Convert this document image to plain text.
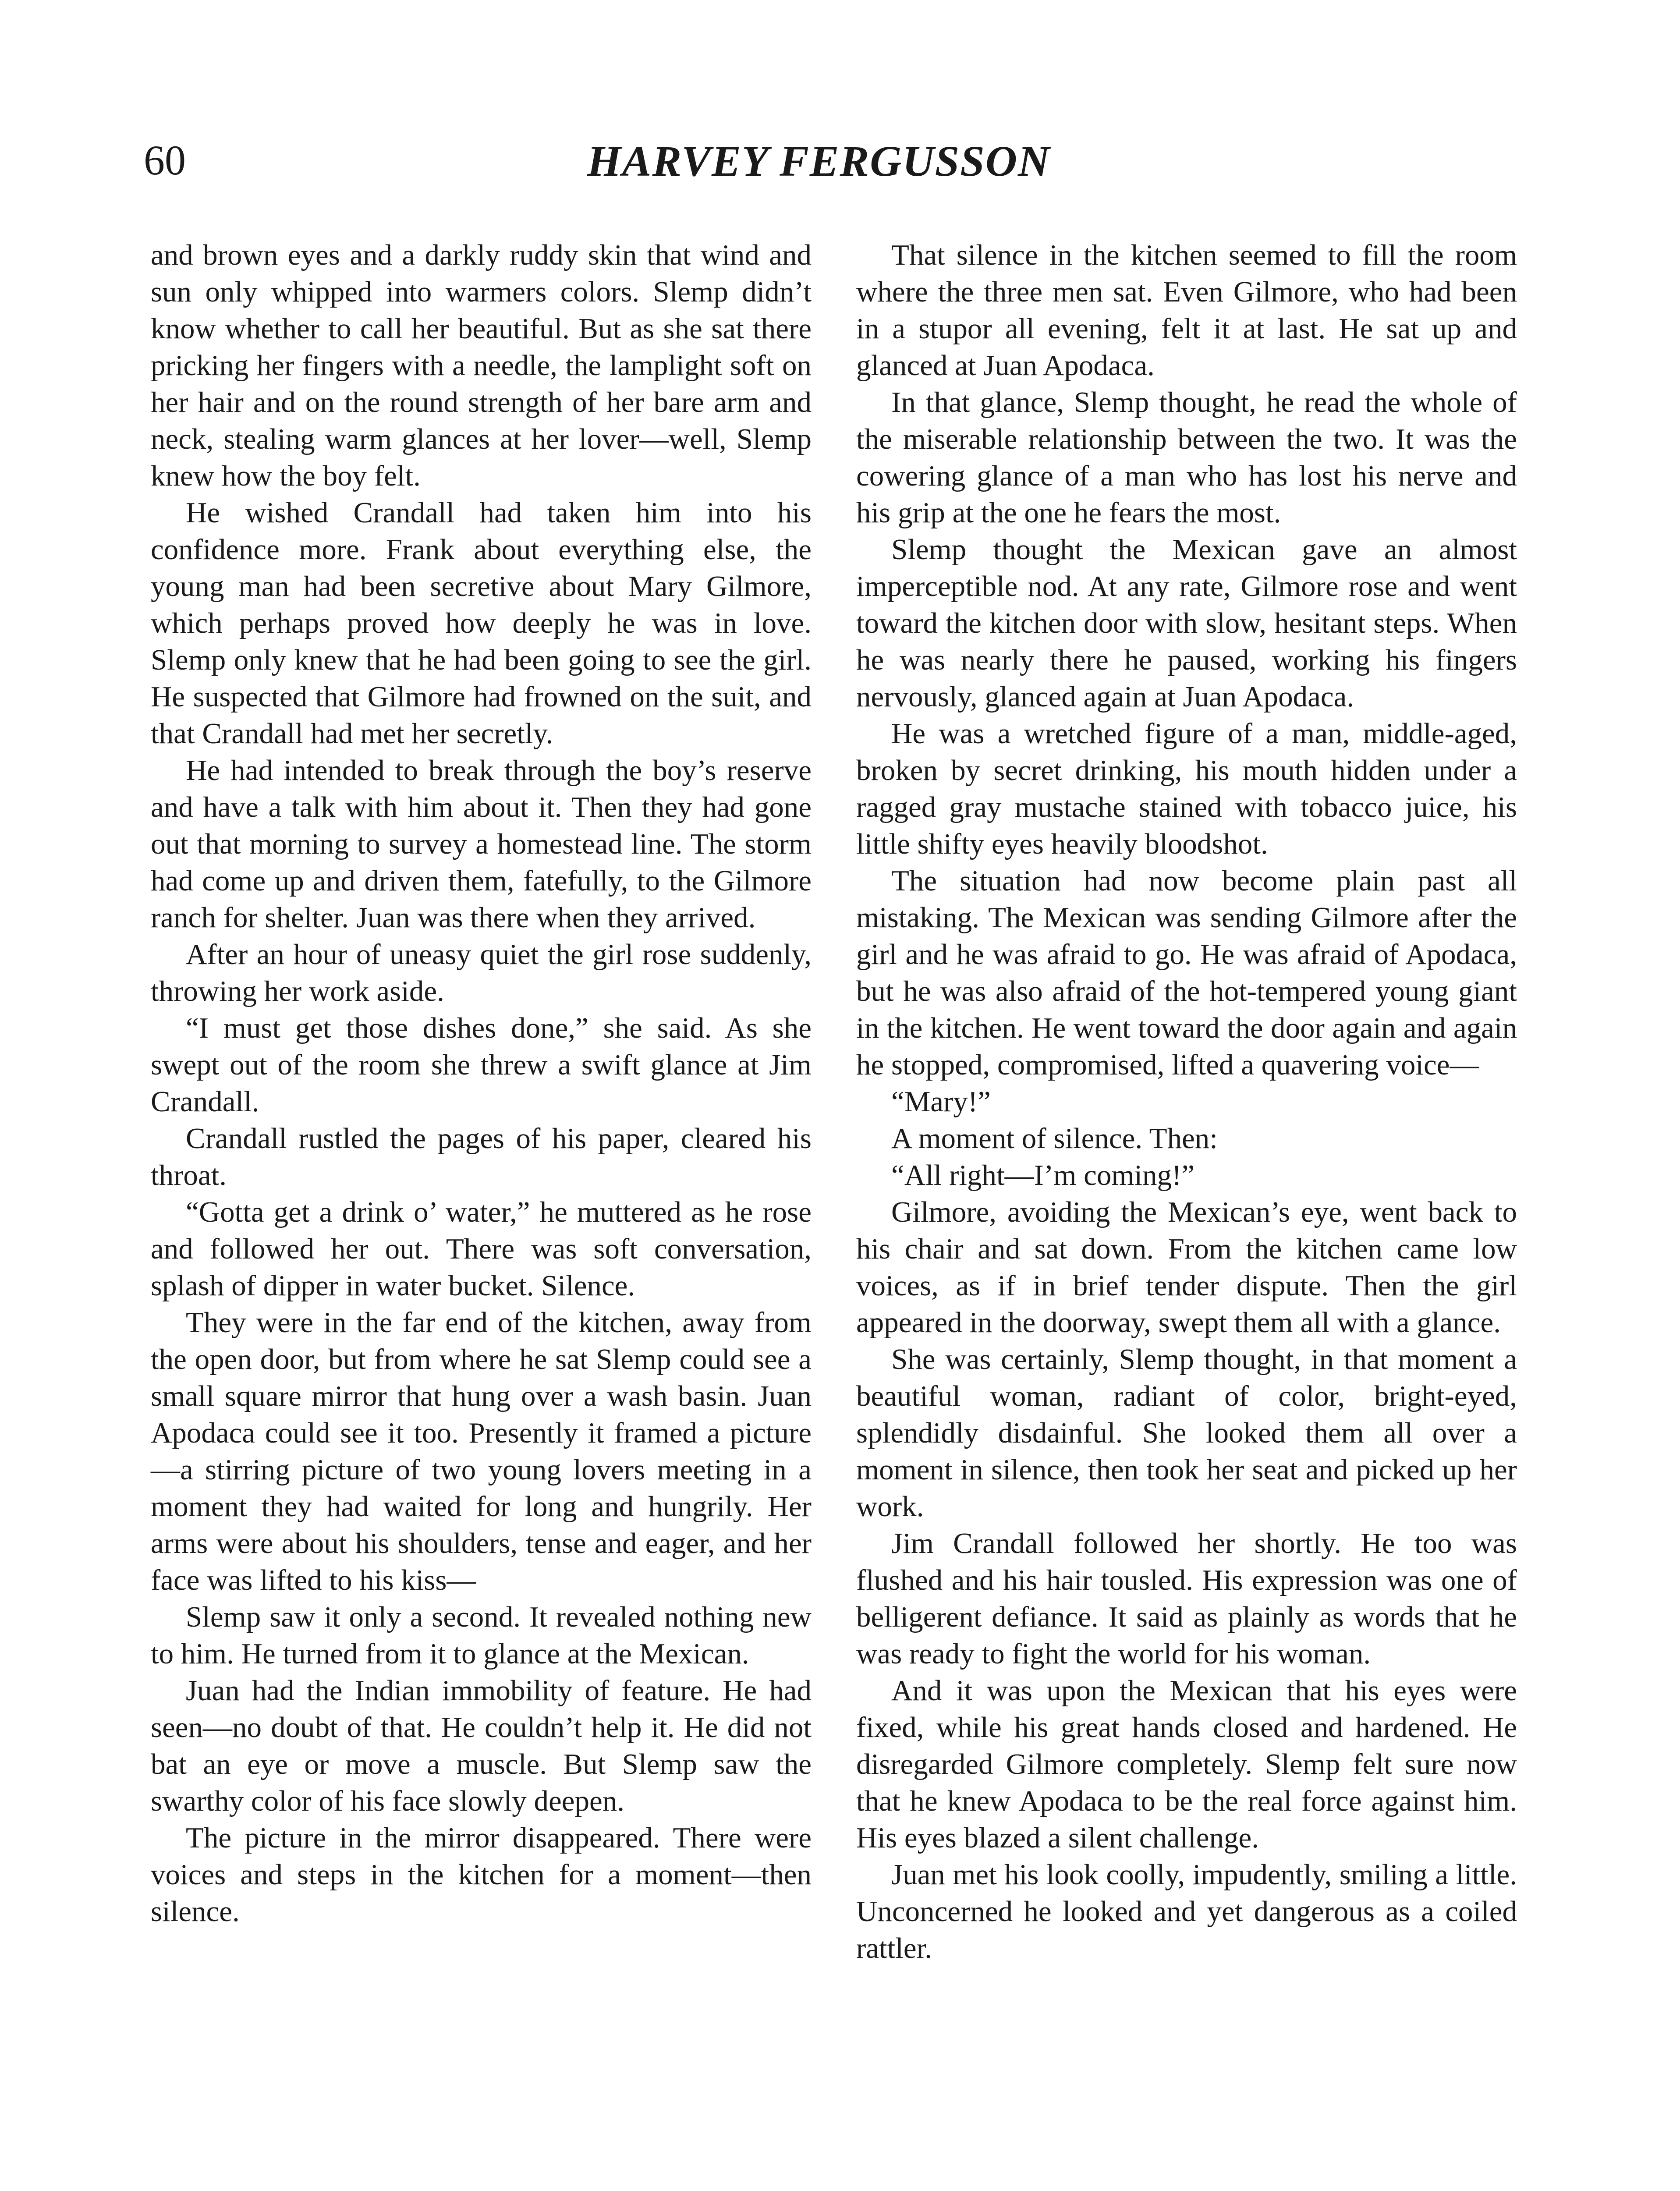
60	HARVEY FERGUSSON

and brown eyes and a darkly ruddy skin that wind and sun only whipped into warmers colors. Slemp didn’t know whether to call her beautiful. But as she sat there pricking her fingers with a needle, the lamplight soft on her hair and on the round strength of her bare arm and neck, stealing warm glances at her lover—well, Slemp knew how the boy felt.

He wished Crandall had taken him into his confidence more. Frank about everything else, the young man had been secretive about Mary Gilmore, which perhaps proved how deeply he was in love. Slemp only knew that he had been going to see the girl. He suspected that Gilmore had frowned on the suit, and that Crandall had met her secretly.

He had intended to break through the boy’s reserve and have a talk with him about it. Then they had gone out that morning to survey a homestead line. The storm had come up and driven them, fatefully, to the Gilmore ranch for shelter. Juan was there when they arrived.

After an hour of uneasy quiet the girl rose suddenly, throwing her work aside.

“I must get those dishes done,” she said. As she swept out of the room she threw a swift glance at Jim Crandall.

Crandall rustled the pages of his paper, cleared his throat.

“Gotta get a drink o’ water,” he muttered as he rose and followed her out. There was soft conversation, splash of dipper in water bucket. Silence.

They were in the far end of the kitchen, away from the open door, but from where he sat Slemp could see a small square mirror that hung over a wash basin. Juan Apodaca could see it too. Presently it framed a picture—a stirring picture of two young lovers meeting in a moment they had waited for long and hungrily. Her arms were about his shoulders, tense and eager, and her face was lifted to his kiss—

Slemp saw it only a second. It revealed nothing new to him. He turned from it to glance at the Mexican.

Juan had the Indian immobility of feature. He had seen—no doubt of that. He couldn’t help it. He did not bat an eye or move a muscle. But Slemp saw the swarthy color of his face slowly deepen.

The picture in the mirror disappeared. There were voices and steps in the kitchen for a moment—then silence.

That silence in the kitchen seemed to fill the room where the three men sat. Even Gilmore, who had been in a stupor all evening, felt it at last. He sat up and glanced at Juan Apodaca.

In that glance, Slemp thought, he read the whole of the miserable relationship between the two. It was the cowering glance of a man who has lost his nerve and his grip at the one he fears the most.

Slemp thought the Mexican gave an almost imperceptible nod. At any rate, Gilmore rose and went toward the kitchen door with slow, hesitant steps. When he was nearly there he paused, working his fingers nervously, glanced again at Juan Apodaca.

He was a wretched figure of a man, middle-aged, broken by secret drinking, his mouth hidden under a ragged gray mustache stained with tobacco juice, his little shifty eyes heavily bloodshot.

The situation had now become plain past all mistaking. The Mexican was sending Gilmore after the girl and he was afraid to go. He was afraid of Apodaca, but he was also afraid of the hot-tempered young giant in the kitchen. He went toward the door again and again he stopped, compromised, lifted a quavering voice—

“Mary!”

A moment of silence. Then:

“All right—I’m coming!”

Gilmore, avoiding the Mexican’s eye, went back to his chair and sat down. From the kitchen came low voices, as if in brief tender dispute. Then the girl appeared in the doorway, swept them all with a glance.

She was certainly, Slemp thought, in that moment a beautiful woman, radiant of color, bright-eyed, splendidly disdainful. She looked them all over a moment in silence, then took her seat and picked up her work.

Jim Crandall followed her shortly. He too was flushed and his hair tousled. His expression was one of belligerent defiance. It said as plainly as words that he was ready to fight the world for his woman.

And it was upon the Mexican that his eyes were fixed, while his great hands closed and hardened. He disregarded Gilmore completely. Slemp felt sure now that he knew Apodaca to be the real force against him. His eyes blazed a silent challenge.

Juan met his look coolly, impudently, smiling a little. Unconcerned he looked and yet dangerous as a coiled rattler.
